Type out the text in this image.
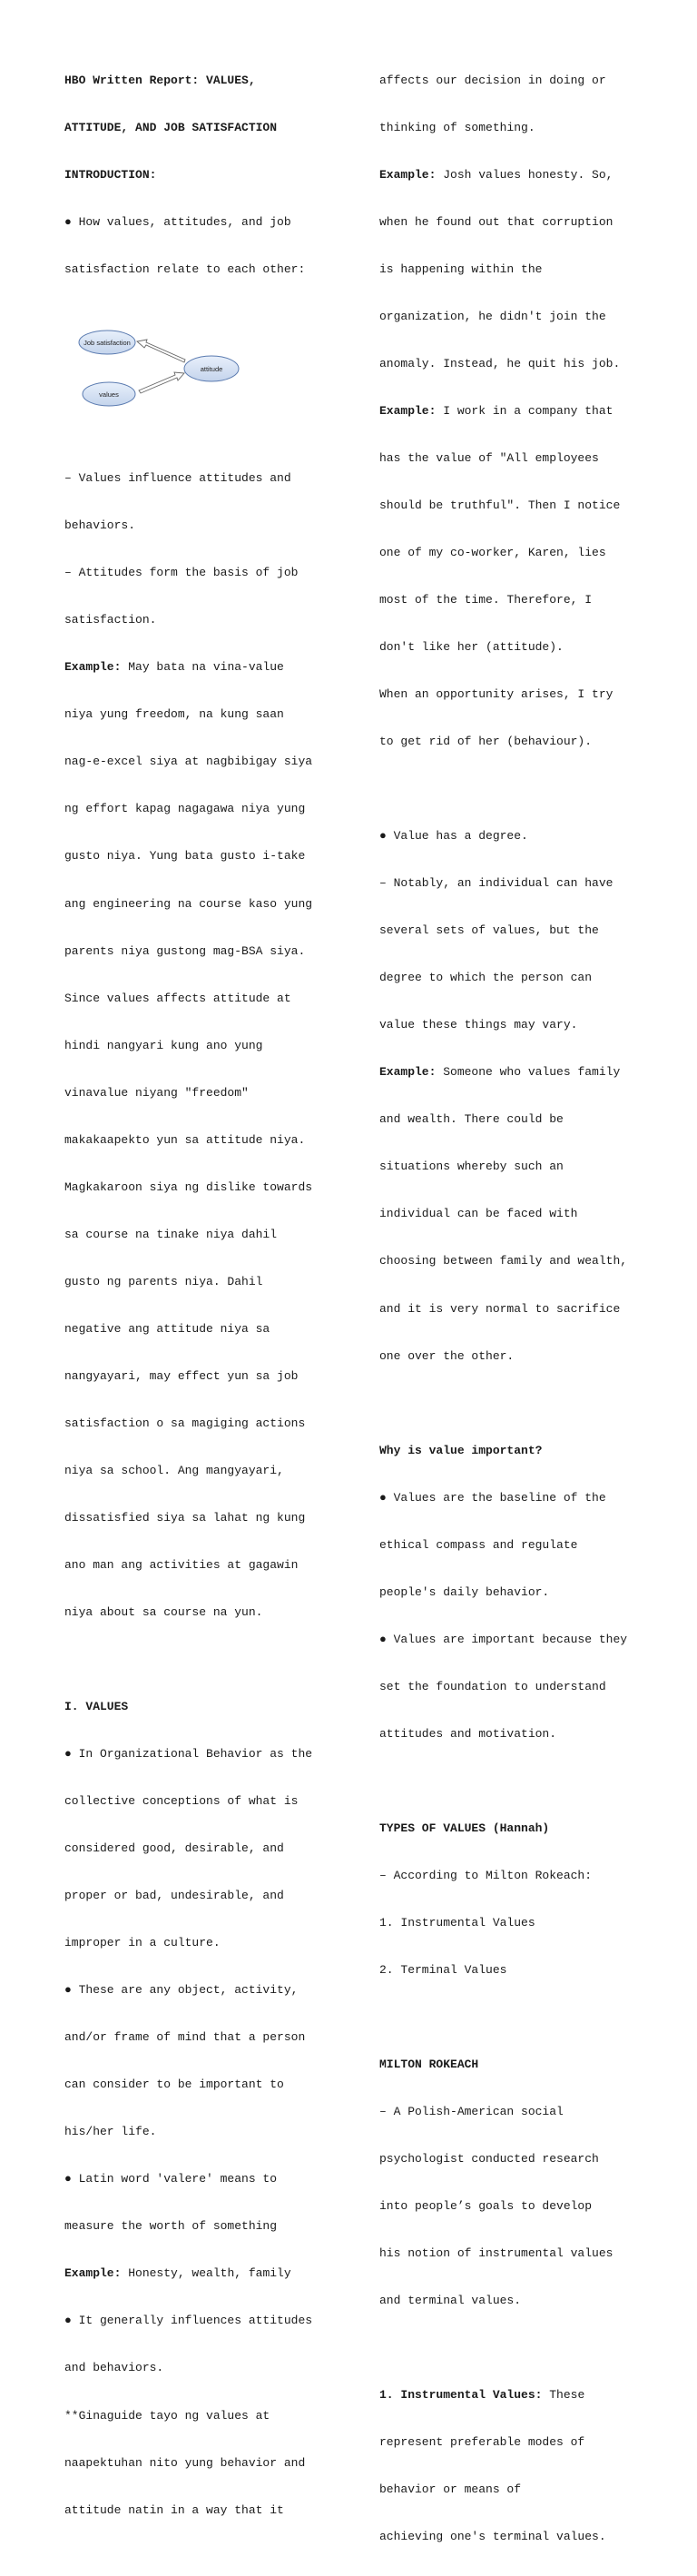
HBO Written Report: VALUES,

ATTITUDE, AND JOB SATISFACTION

INTRODUCTION:

● How values, attitudes, and job

satisfaction relate to each other:

Job satisfaction
attitude
values

– Values influence attitudes and

behaviors.

– Attitudes form the basis of job

satisfaction.

Example: May bata na vina-value

niya yung freedom, na kung saan

nag-e-excel siya at nagbibigay siya

ng effort kapag nagagawa niya yung

gusto niya. Yung bata gusto i-take

ang engineering na course kaso yung

parents niya gustong mag-BSA siya.

Since values affects attitude at

hindi nangyari kung ano yung

vinavalue niyang "freedom"

makakaapekto yun sa attitude niya.

Magkakaroon siya ng dislike towards

sa course na tinake niya dahil

gusto ng parents niya. Dahil

negative ang attitude niya sa

nangyayari, may effect yun sa job

satisfaction o sa magiging actions

niya sa school. Ang mangyayari,

dissatisfied siya sa lahat ng kung

ano man ang activities at gagawin

niya about sa course na yun.

I. VALUES

● In Organizational Behavior as the

collective conceptions of what is

considered good, desirable, and

proper or bad, undesirable, and

improper in a culture.

● These are any object, activity,

and/or frame of mind that a person

can consider to be important to

his/her life.

● Latin word 'valere' means to

measure the worth of something

Example: Honesty, wealth, family

● It generally influences attitudes

and behaviors.

**Ginaguide tayo ng values at

naapektuhan nito yung behavior and

attitude natin in a way that it

affects our decision in doing or

thinking of something.

Example: Josh values honesty. So,

when he found out that corruption

is happening within the

organization, he didn't join the

anomaly. Instead, he quit his job.

Example: I work in a company that

has the value of "All employees

should be truthful". Then I notice

one of my co-worker, Karen, lies

most of the time. Therefore, I

don't like her (attitude).

When an opportunity arises, I try

to get rid of her (behaviour).

● Value has a degree.

– Notably, an individual can have

several sets of values, but the

degree to which the person can

value these things may vary.

Example: Someone who values family

and wealth. There could be

situations whereby such an

individual can be faced with

choosing between family and wealth,

and it is very normal to sacrifice

one over the other.

Why is value important?

● Values are the baseline of the

ethical compass and regulate

people's daily behavior.

● Values are important because they

set the foundation to understand

attitudes and motivation.

TYPES OF VALUES (Hannah)

– According to Milton Rokeach:

1. Instrumental Values

2. Terminal Values

MILTON ROKEACH

– A Polish-American social

psychologist conducted research

into people’s goals to develop

his notion of instrumental values

and terminal values.

1. Instrumental Values: These

represent preferable modes of

behavior or means of

achieving one's terminal values.
